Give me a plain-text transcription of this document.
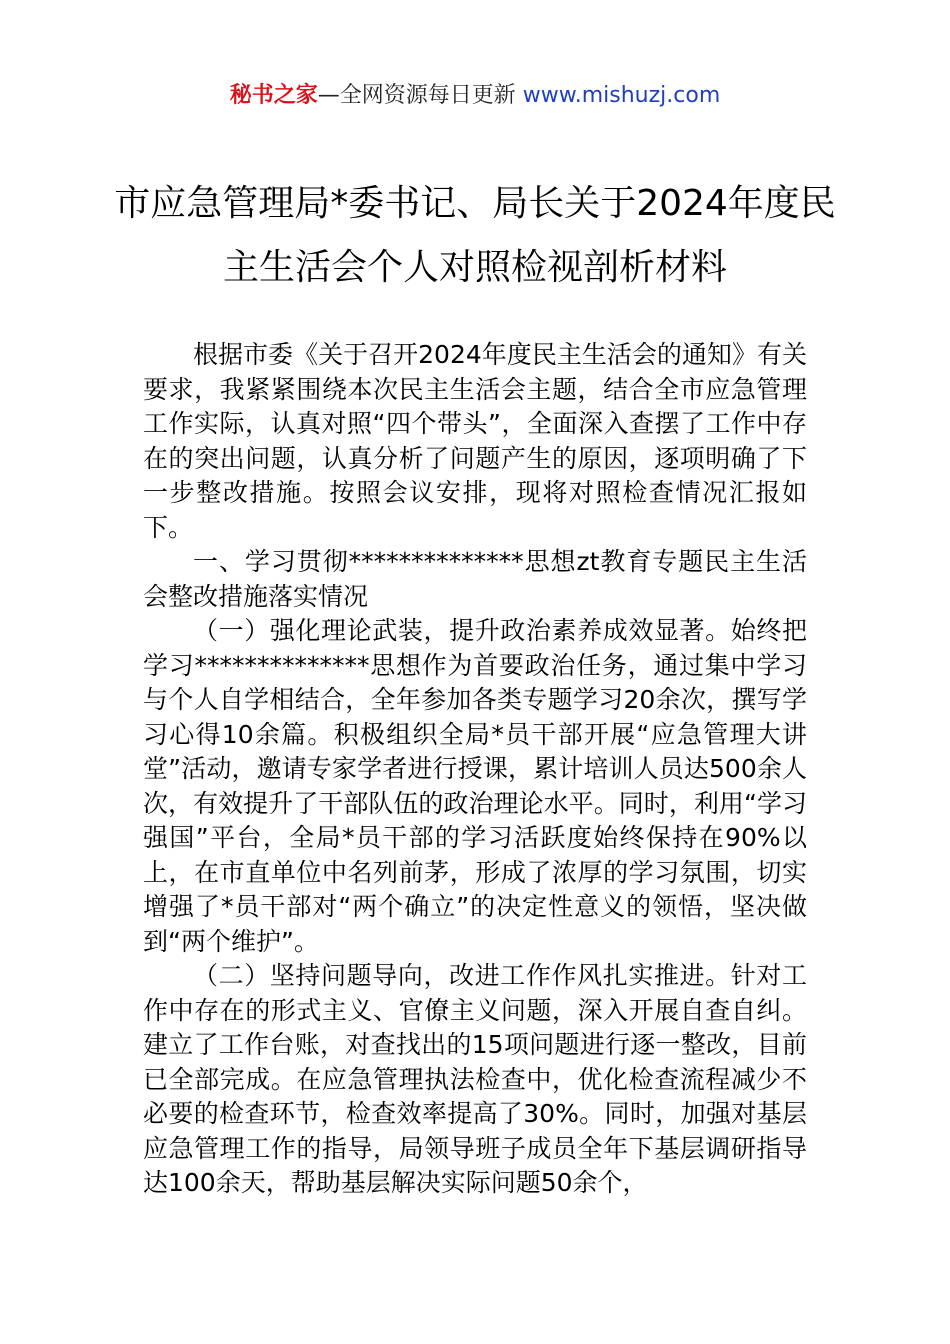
秘书之家—全网资源每日更新 www.mishuzj.com
市应急管理局*委书记、局长关于2024年度民主生活会个人对照检视剖析材料

根据市委《关于召开2024年度民主生活会的通知》有关要求，我紧紧围绕本次民主生活会主题，结合全市应急管理工作实际，认真对照“四个带头”，全面深入查摆了工作中存在的突出问题，认真分析了问题产生的原因，逐项明确了下一步整改措施。按照会议安排，现将对照检查情况汇报如下。

一、学习贯彻**************思想zt教育专题民主生活会整改措施落实情况

（一）强化理论武装，提升政治素养成效显著。始终把学习**************思想作为首要政治任务，通过集中学习与个人自学相结合，全年参加各类专题学习20余次，撰写学习心得10余篇。积极组织全局*员干部开展“应急管理大讲堂”活动，邀请专家学者进行授课，累计培训人员达500余人次，有效提升了干部队伍的政治理论水平。同时，利用“学习强国”平台，全局*员干部的学习活跃度始终保持在90%以上，在市直单位中名列前茅，形成了浓厚的学习氛围，切实增强了*员干部对“两个确立”的决定性意义的领悟，坚决做到“两个维护”。

（二）坚持问题导向，改进工作作风扎实推进。针对工作中存在的形式主义、官僚主义问题，深入开展自查自纠。建立了工作台账，对查找出的15项问题进行逐一整改，目前已全部完成。在应急管理执法检查中，优化检查流程减少不必要的检查环节，检查效率提高了30%。同时，加强对基层应急管理工作的指导，局领导班子成员全年下基层调研指导达100余天，帮助基层解决实际问题50余个，
